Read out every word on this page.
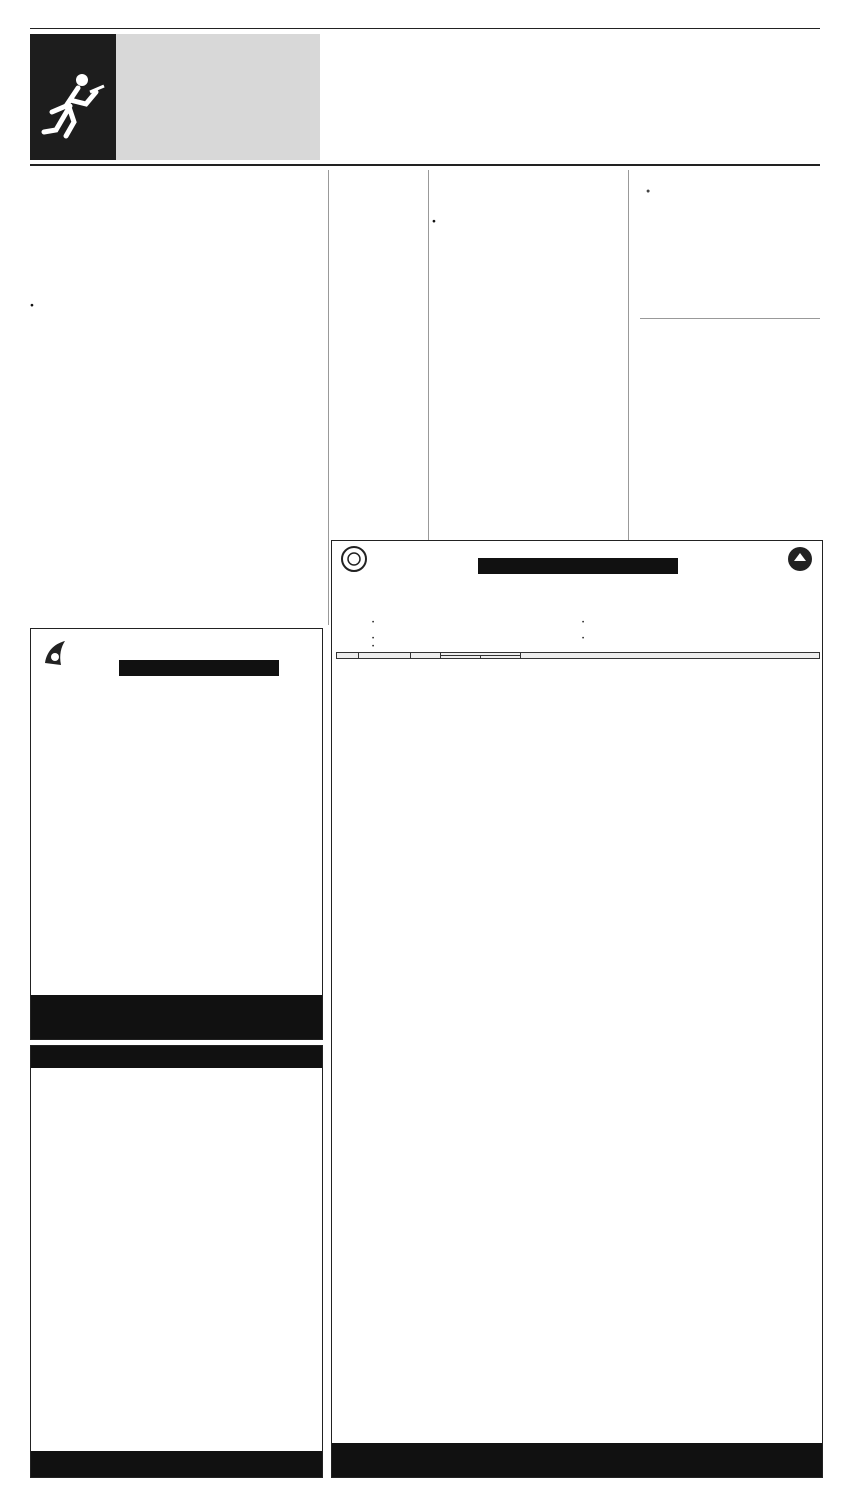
●
●
●
•	•
•	•
•
